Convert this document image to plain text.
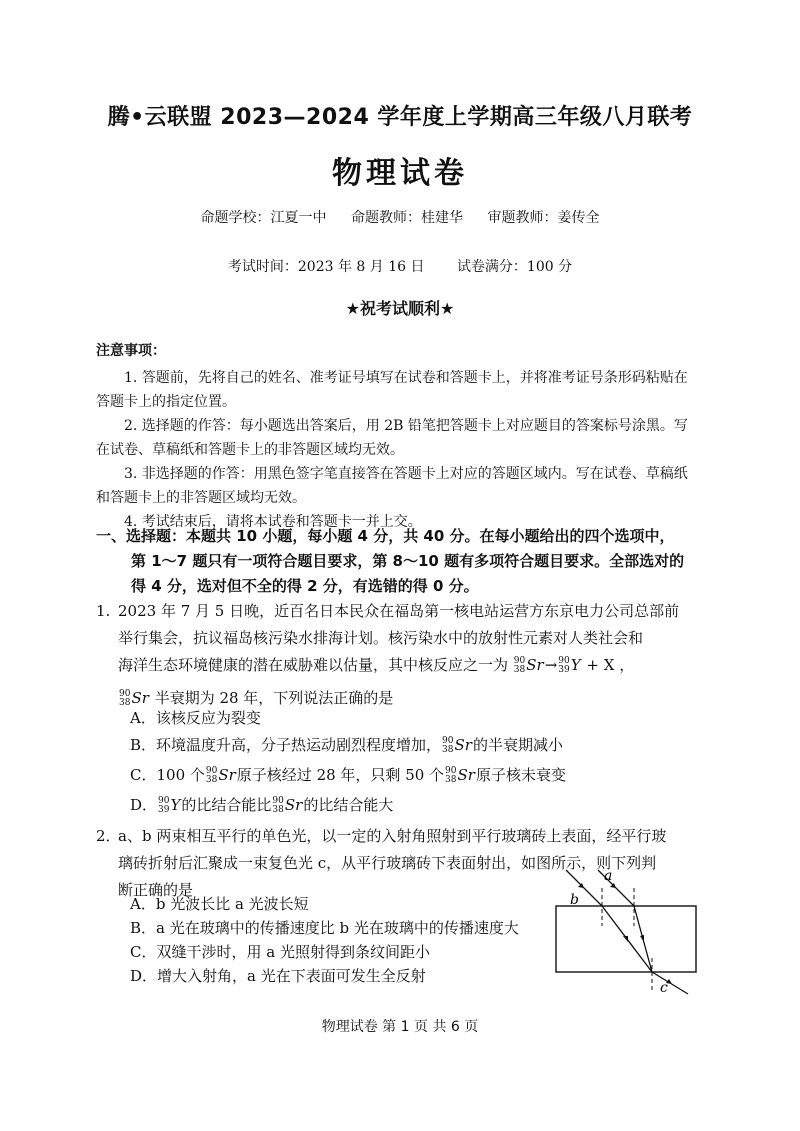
腾•云联盟 2023—2024 学年度上学期高三年级八月联考
物理试卷
命题学校：江夏一中 命题教师：桂建华 审题教师：姜传全
考试时间：2023 年 8 月 16 日 试卷满分：100 分
★祝考试顺利★
注意事项：

1. 答题前，先将自己的姓名、准考证号填写在试卷和答题卡上，并将准考证号条形码粘贴在答题卡上的指定位置。

2. 选择题的作答：每小题选出答案后，用 2B 铅笔把答题卡上对应题目的答案标号涂黑。写在试卷、草稿纸和答题卡上的非答题区域均无效。

3. 非选择题的作答：用黑色签字笔直接答在答题卡上对应的答题区域内。写在试卷、草稿纸和答题卡上的非答题区域均无效。

4. 考试结束后，请将本试卷和答题卡一并上交。

一、选择题：本题共 10 小题，每小题 4 分，共 40 分。在每小题给出的四个选项中，
第 1～7 题只有一项符合题目要求，第 8～10 题有多项符合题目要求。全部选对的
得 4 分，选对但不全的得 2 分，有选错的得 0 分。
1. 2023 年 7 月 5 日晚，近百名日本民众在福岛第一核电站运营方东京电力公司总部前
举行集会，抗议福岛核污染水排海计划。核污染水中的放射性元素对人类社会和
海洋生态环境健康的潜在威胁难以估量，其中核反应之一为 90
38 Sr→ 90
39 Y + X ，
90
38 Sr 半衰期为 28 年，下列说法正确的是
A．该核反应为裂变
B．环境温度升高，分子热运动剧烈程度增加， 90
38 Sr的半衰期减小
C．100 个 90
38 Sr原子核经过 28 年，只剩 50 个 90
38 Sr原子核未衰变
D． 90
39 Y的比结合能比 90
38 Sr的比结合能大
2．
a、b 两束相互平行的单色光，以一定的入射角照射到平行玻璃砖上表面，经平行玻
璃砖折射后汇聚成一束复色光 c，从平行玻璃砖下表面射出，如图所示，则下列判
断正确的是
A．b 光波长比 a 光波长短
B．a 光在玻璃中的传播速度比 b 光在玻璃中的传播速度大
C．双缝干涉时，用 a 光照射得到条纹间距小
D．增大入射角，a 光在下表面可发生全反射
a
b
c
物理试卷 第 1 页 共 6 页
